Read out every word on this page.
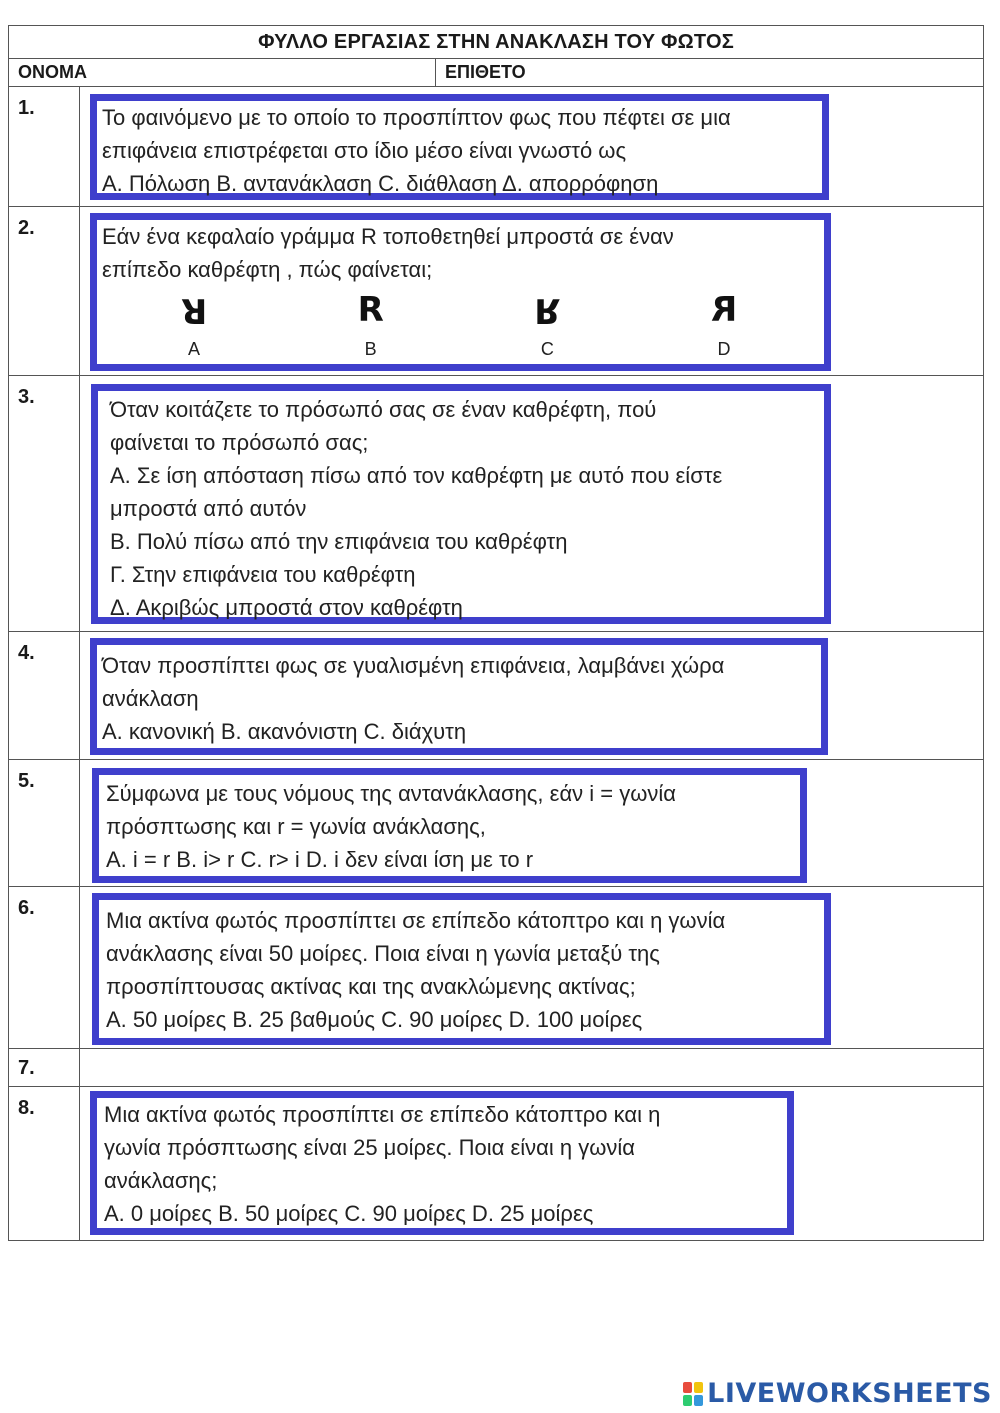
ΦΥΛΛΟ ΕΡΓΑΣΙΑΣ ΣΤΗΝ ΑΝΑΚΛΑΣΗ ΤΟΥ ΦΩΤΟΣ
ΟΝΟΜΑ	ΕΠΙΘΕΤΟ
1.	Το φαινόμενο με το οποίο το προσπίπτον φως που πέφτει σε μια
επιφάνεια επιστρέφεται στο ίδιο μέσο είναι γνωστό ως
A. Πόλωση B. αντανάκλαση C. διάθλαση Δ. απορρόφηση
2.	Εάν ένα κεφαλαίο γράμμα R τοποθετηθεί μπροστά σε έναν
επίπεδο καθρέφτη , πώς φαίνεται;
R
A
R
B
R
C
R
D
3.	Όταν κοιτάζετε το πρόσωπό σας σε έναν καθρέφτη, πού
φαίνεται το πρόσωπό σας;
A. Σε ίση απόσταση πίσω από τον καθρέφτη με αυτό που είστε
μπροστά από αυτόν
B. Πολύ πίσω από την επιφάνεια του καθρέφτη
Γ. Στην επιφάνεια του καθρέφτη
Δ. Ακριβώς μπροστά στον καθρέφτη
4.	Όταν προσπίπτει φως σε γυαλισμένη επιφάνεια, λαμβάνει χώρα
ανάκλαση
A. κανονική B. ακανόνιστη C. διάχυτη
5.	Σύμφωνα με τους νόμους της αντανάκλασης, εάν i = γωνία
πρόσπτωσης και r = γωνία ανάκλασης,
A. i = r B. i> r C. r> i D. i δεν είναι ίση με το r
6.	Μια ακτίνα φωτός προσπίπτει σε επίπεδο κάτοπτρο και η γωνία
ανάκλασης είναι 50 μοίρες. Ποια είναι η γωνία μεταξύ της
προσπίπτουσας ακτίνας και της ανακλώμενης ακτίνας;
A. 50 μοίρες B. 25 βαθμούς C. 90 μοίρες D. 100 μοίρες
7.
8.	Μια ακτίνα φωτός προσπίπτει σε επίπεδο κάτοπτρο και η
γωνία πρόσπτωσης είναι 25 μοίρες. Ποια είναι η γωνία
ανάκλασης;
A. 0 μοίρες B. 50 μοίρες C. 90 μοίρες D. 25 μοίρες
LIVEWORKSHEETS
